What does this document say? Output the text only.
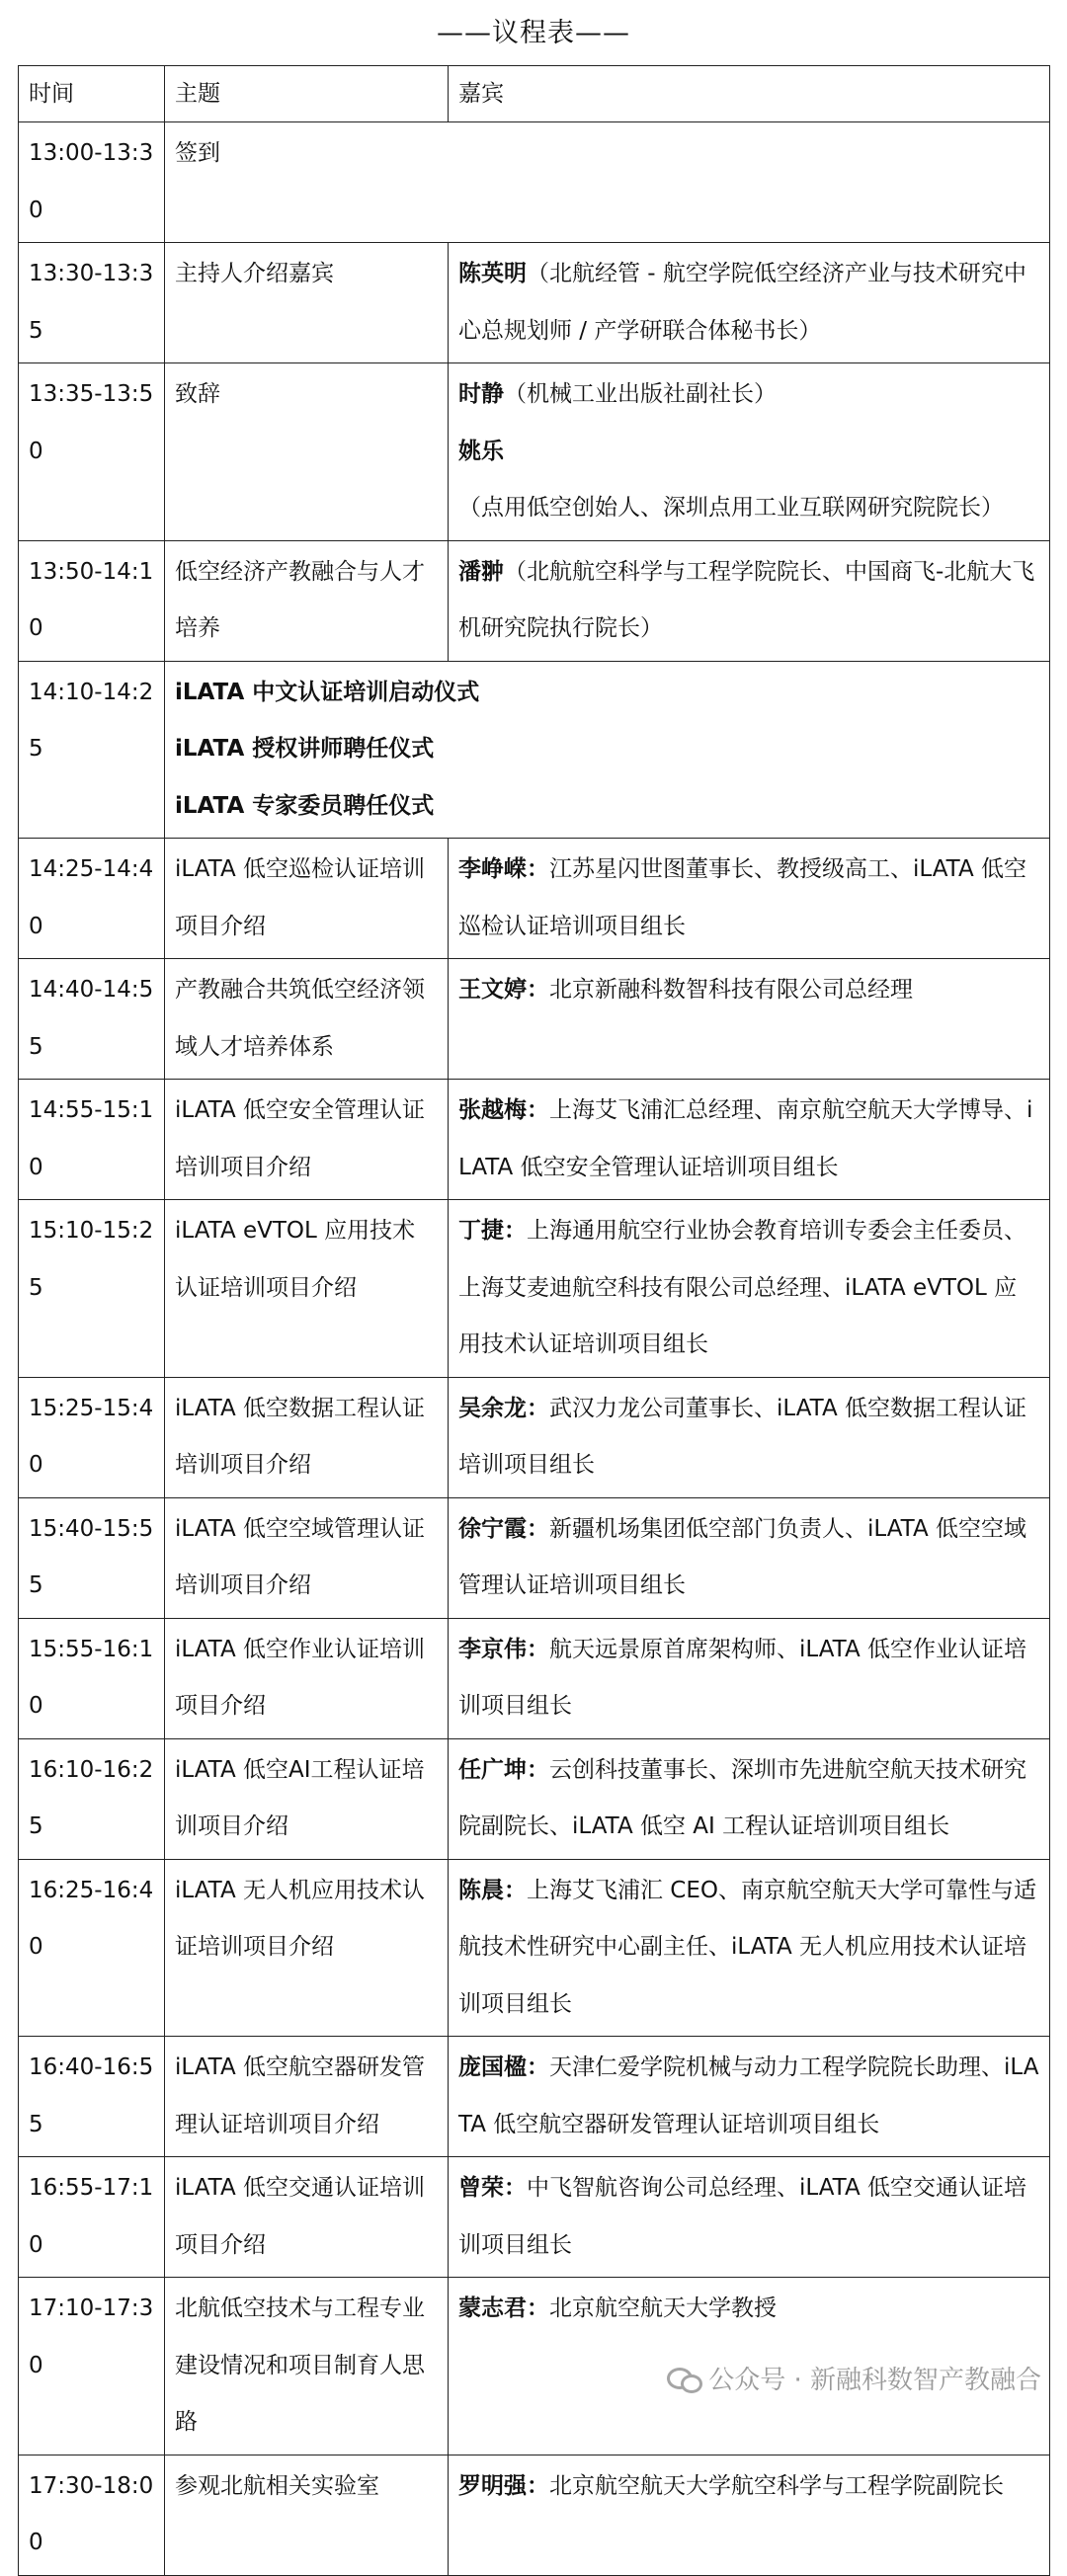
——议程表——
时间	主题	嘉宾
13:00-13:30	签到	
13:30-13:35	主持人介绍嘉宾	陈英明（北航经管 - 航空学院低空经济产业与技术研究中心总规划师 / 产学研联合体秘书长）

13:35-13:50	致辞	时静（机械工业出版社副社长）
姚乐（点用低空创始人、深圳点用工业互联网研究院院长）

13:50-14:10	低空经济产教融合与人才培养	潘翀（北航航空科学与工程学院院长、中国商飞-北航大飞机研究院执行院长）

14:10-14:25	iLATA 中文认证培训启动仪式
iLATA 授权讲师聘任仪式
iLATA 专家委员聘任仪式	

14:25-14:40	iLATA 低空巡检认证培训项目介绍	李峥嵘：江苏星闪世图董事长、教授级高工、iLATA 低空巡检认证培训项目组长

14:40-14:55	产教融合共筑低空经济领域人才培养体系	王文婷：北京新融科数智科技有限公司总经理

14:55-15:10	iLATA 低空安全管理认证培训项目介绍	张越梅：上海艾飞浦汇总经理、南京航空航天大学博导、iLATA 低空安全管理认证培训项目组长

15:10-15:25	iLATA eVTOL 应用技术认证培训项目介绍	丁捷：上海通用航空行业协会教育培训专委会主任委员、上海艾麦迪航空科技有限公司总经理、iLATA eVTOL 应用技术认证培训项目组长

15:25-15:40	iLATA 低空数据工程认证培训项目介绍	吴余龙：武汉力龙公司董事长、iLATA 低空数据工程认证培训项目组长

15:40-15:55	iLATA 低空空域管理认证培训项目介绍	徐宁霞：新疆机场集团低空部门负责人、iLATA 低空空域管理认证培训项目组长

15:55-16:10	iLATA 低空作业认证培训项目介绍	李京伟：航天远景原首席架构师、iLATA 低空作业认证培训项目组长

16:10-16:25	iLATA 低空AI工程认证培训项目介绍	任广坤：云创科技董事长、深圳市先进航空航天技术研究院副院长、iLATA 低空 AI 工程认证培训项目组长

16:25-16:40	iLATA 无人机应用技术认证培训项目介绍	陈晨：上海艾飞浦汇 CEO、南京航空航天大学可靠性与适航技术性研究中心副主任、iLATA 无人机应用技术认证培训项目组长

16:40-16:55	iLATA 低空航空器研发管理认证培训项目介绍	庞国楹：天津仁爱学院机械与动力工程学院院长助理、iLATA 低空航空器研发管理认证培训项目组长

16:55-17:10	iLATA 低空交通认证培训项目介绍	曾荣：中飞智航咨询公司总经理、iLATA 低空交通认证培训项目组长

17:10-17:30	北航低空技术与工程专业建设情况和项目制育人思路	蒙志君：北京航空航天大学教授

17:30-18:00	参观北航相关实验室	罗明强：北京航空航天大学航空科学与工程学院副院长
公众号 · 新融科数智产教融合
